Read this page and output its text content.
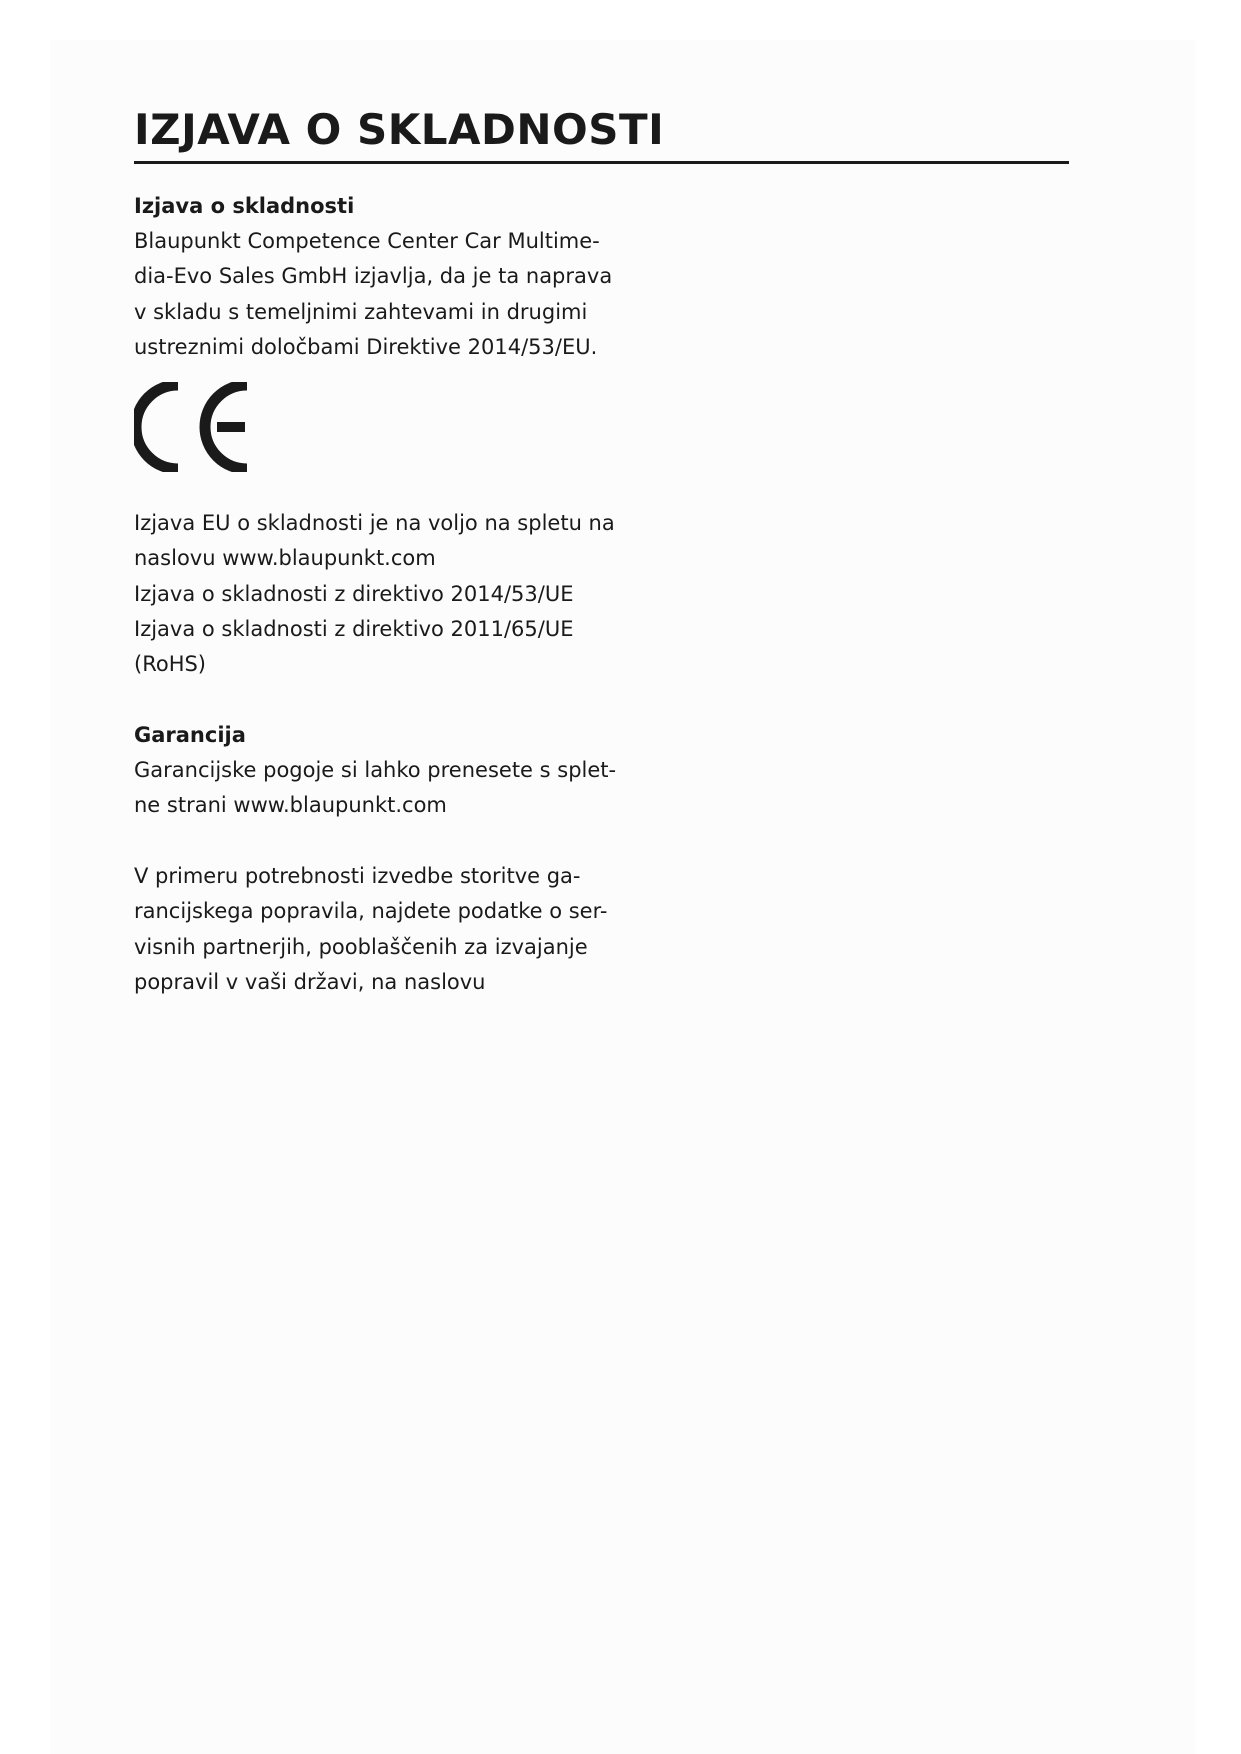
IZJAVA O SKLADNOSTI
Izjava o skladnosti
Blaupunkt Competence Center Car Multime-
dia-Evo Sales GmbH izjavlja, da je ta naprava
v skladu s temeljnimi zahtevami in drugimi
ustreznimi določbami Direktive 2014/53/EU.
Izjava EU o skladnosti je na voljo na spletu na
naslovu www.blaupunkt.com
Izjava o skladnosti z direktivo 2014/53/UE
Izjava o skladnosti z direktivo 2011/65/UE
(RoHS)
Garancija
Garancijske pogoje si lahko prenesete s splet-
ne strani www.blaupunkt.com
V primeru potrebnosti izvedbe storitve ga-
rancijskega popravila, najdete podatke o ser-
visnih partnerjih, pooblaščenih za izvajanje
popravil v vaši državi, na naslovu
